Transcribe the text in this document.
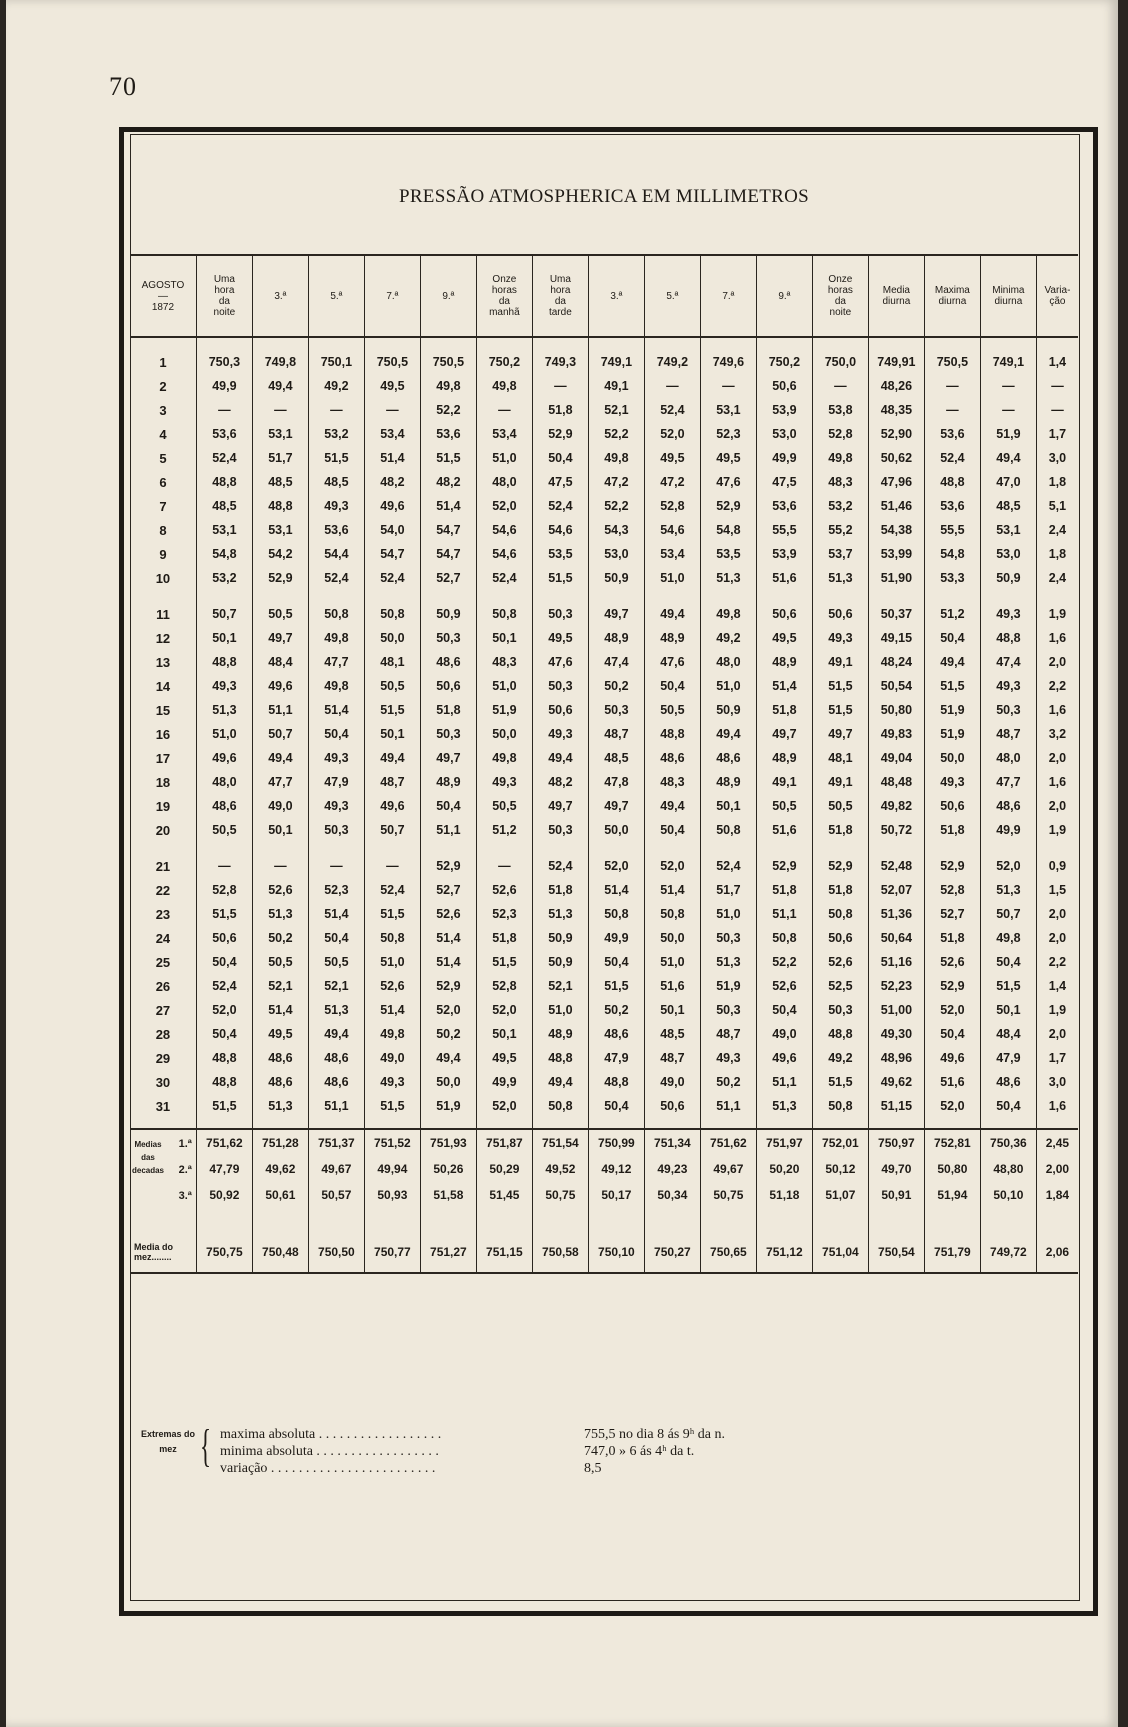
70
PRESSÃO ATMOSPHERICA EM MILLIMETROS
AGOSTO
—
1872	Uma
hora
da
noite	3.ª	5.ª	7.ª	9.ª	Onze
horas
da
manhã	Uma
hora
da
tarde	3.ª	5.ª	7.ª	9.ª	Onze
horas
da
noite	Media
diurna	Maxima
diurna	Minima
diurna	Varia-
ção

1	750,3	749,8	750,1	750,5	750,5	750,2	749,3	749,1	749,2	749,6	750,2	750,0	749,91	750,5	749,1	1,4
2	49,9	49,4	49,2	49,5	49,8	49,8	—	49,1	—	—	50,6	—	48,26	—	—	—
3	—	—	—	—	52,2	—	51,8	52,1	52,4	53,1	53,9	53,8	48,35	—	—	—
4	53,6	53,1	53,2	53,4	53,6	53,4	52,9	52,2	52,0	52,3	53,0	52,8	52,90	53,6	51,9	1,7
5	52,4	51,7	51,5	51,4	51,5	51,0	50,4	49,8	49,5	49,5	49,9	49,8	50,62	52,4	49,4	3,0
6	48,8	48,5	48,5	48,2	48,2	48,0	47,5	47,2	47,2	47,6	47,5	48,3	47,96	48,8	47,0	1,8
7	48,5	48,8	49,3	49,6	51,4	52,0	52,4	52,2	52,8	52,9	53,6	53,2	51,46	53,6	48,5	5,1
8	53,1	53,1	53,6	54,0	54,7	54,6	54,6	54,3	54,6	54,8	55,5	55,2	54,38	55,5	53,1	2,4
9	54,8	54,2	54,4	54,7	54,7	54,6	53,5	53,0	53,4	53,5	53,9	53,7	53,99	54,8	53,0	1,8
10	53,2	52,9	52,4	52,4	52,7	52,4	51,5	50,9	51,0	51,3	51,6	51,3	51,90	53,3	50,9	2,4

11	50,7	50,5	50,8	50,8	50,9	50,8	50,3	49,7	49,4	49,8	50,6	50,6	50,37	51,2	49,3	1,9
12	50,1	49,7	49,8	50,0	50,3	50,1	49,5	48,9	48,9	49,2	49,5	49,3	49,15	50,4	48,8	1,6
13	48,8	48,4	47,7	48,1	48,6	48,3	47,6	47,4	47,6	48,0	48,9	49,1	48,24	49,4	47,4	2,0
14	49,3	49,6	49,8	50,5	50,6	51,0	50,3	50,2	50,4	51,0	51,4	51,5	50,54	51,5	49,3	2,2
15	51,3	51,1	51,4	51,5	51,8	51,9	50,6	50,3	50,5	50,9	51,8	51,5	50,80	51,9	50,3	1,6
16	51,0	50,7	50,4	50,1	50,3	50,0	49,3	48,7	48,8	49,4	49,7	49,7	49,83	51,9	48,7	3,2
17	49,6	49,4	49,3	49,4	49,7	49,8	49,4	48,5	48,6	48,6	48,9	48,1	49,04	50,0	48,0	2,0
18	48,0	47,7	47,9	48,7	48,9	49,3	48,2	47,8	48,3	48,9	49,1	49,1	48,48	49,3	47,7	1,6
19	48,6	49,0	49,3	49,6	50,4	50,5	49,7	49,7	49,4	50,1	50,5	50,5	49,82	50,6	48,6	2,0
20	50,5	50,1	50,3	50,7	51,1	51,2	50,3	50,0	50,4	50,8	51,6	51,8	50,72	51,8	49,9	1,9

21	—	—	—	—	52,9	—	52,4	52,0	52,0	52,4	52,9	52,9	52,48	52,9	52,0	0,9
22	52,8	52,6	52,3	52,4	52,7	52,6	51,8	51,4	51,4	51,7	51,8	51,8	52,07	52,8	51,3	1,5
23	51,5	51,3	51,4	51,5	52,6	52,3	51,3	50,8	50,8	51,0	51,1	50,8	51,36	52,7	50,7	2,0
24	50,6	50,2	50,4	50,8	51,4	51,8	50,9	49,9	50,0	50,3	50,8	50,6	50,64	51,8	49,8	2,0
25	50,4	50,5	50,5	51,0	51,4	51,5	50,9	50,4	51,0	51,3	52,2	52,6	51,16	52,6	50,4	2,2
26	52,4	52,1	52,1	52,6	52,9	52,8	52,1	51,5	51,6	51,9	52,6	52,5	52,23	52,9	51,5	1,4
27	52,0	51,4	51,3	51,4	52,0	52,0	51,0	50,2	50,1	50,3	50,4	50,3	51,00	52,0	50,1	1,9
28	50,4	49,5	49,4	49,8	50,2	50,1	48,9	48,6	48,5	48,7	49,0	48,8	49,30	50,4	48,4	2,0
29	48,8	48,6	48,6	49,0	49,4	49,5	48,8	47,9	48,7	49,3	49,6	49,2	48,96	49,6	47,9	1,7
30	48,8	48,6	48,6	49,3	50,0	49,9	49,4	48,8	49,0	50,2	51,1	51,5	49,62	51,6	48,6	3,0
31	51,5	51,3	51,1	51,5	51,9	52,0	50,8	50,4	50,6	51,1	51,3	50,8	51,15	52,0	50,4	1,6

Medias das decadas
1.ª	751,62	751,28	751,37	751,52	751,93	751,87	751,54	750,99	751,34	751,62	751,97	752,01	750,97	752,81	750,36	2,45
2.ª	47,79	49,62	49,67	49,94	50,26	50,29	49,52	49,12	49,23	49,67	50,20	50,12	49,70	50,80	48,80	2,00
3.ª	50,92	50,61	50,57	50,93	51,58	51,45	50,75	50,17	50,34	50,75	51,18	51,07	50,91	51,94	50,10	1,84

Media do mez........	750,75	750,48	750,50	750,77	751,27	751,15	750,58	750,10	750,27	750,65	751,12	751,04	750,54	751,79	749,72	2,06
Extremas do mez { maxima absoluta . . . . . . . . . . . . . . . . . .	755,5 no dia 8 ás 9ʰ da n.
minima absoluta . . . . . . . . . . . . . . . . . .	747,0 » 6 ás 4ʰ da t.
variação . . . . . . . . . . . . . . . . . . . . . . . .	8,5
